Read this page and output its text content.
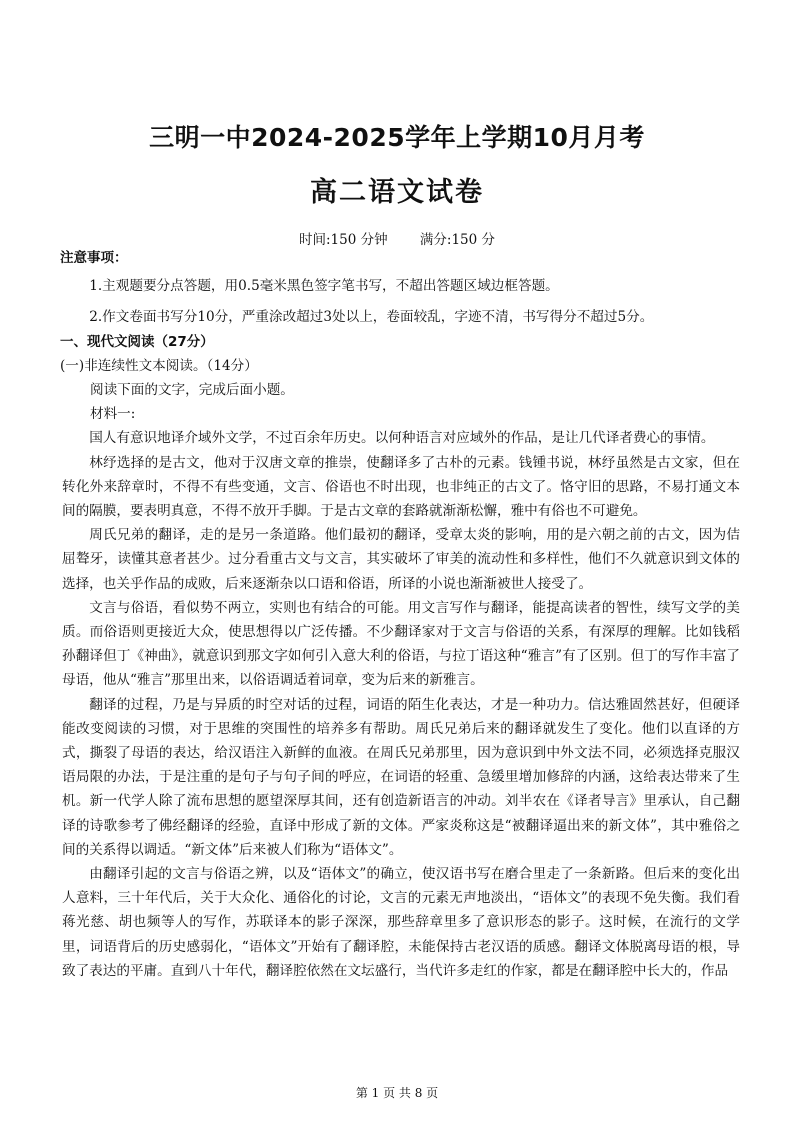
三明一中2024-2025学年上学期10月月考
高二语文试卷
时间:150 分钟 满分:150 分

注意事项：

1.主观题要分点答题，用0.5毫米黑色签字笔书写，不超出答题区域边框答题。

2.作文卷面书写分10分，严重涂改超过3处以上，卷面较乱，字迹不清，书写得分不超过5分。

一、现代文阅读（27分）

(一)非连续性文本阅读。（14分）

阅读下面的文字，完成后面小题。

材料一:

国人有意识地译介域外文学，不过百余年历史。以何种语言对应域外的作品，是让几代译者费心的事情。

林纾选择的是古文，他对于汉唐文章的推崇，使翻译多了古朴的元素。钱锺书说，林纾虽然是古文家，但在转化外来辞章时，不得不有些变通，文言、俗语也不时出现，也非纯正的古文了。恪守旧的思路，不易打通文本间的隔膜，要表明真意，不得不放开手脚。于是古文章的套路就渐渐松懈，雅中有俗也不可避免。

周氏兄弟的翻译，走的是另一条道路。他们最初的翻译，受章太炎的影响，用的是六朝之前的古文，因为佶屈聱牙，读懂其意者甚少。过分看重古文与文言，其实破坏了审美的流动性和多样性，他们不久就意识到文体的选择，也关乎作品的成败，后来逐渐杂以口语和俗语，所译的小说也渐渐被世人接受了。

文言与俗语，看似势不两立，实则也有结合的可能。用文言写作与翻译，能提高读者的智性，续写文学的美质。而俗语则更接近大众，使思想得以广泛传播。不少翻译家对于文言与俗语的关系，有深厚的理解。比如钱稻孙翻译但丁《神曲》，就意识到那文字如何引入意大利的俗语，与拉丁语这种“雅言”有了区别。但丁的写作丰富了母语，他从“雅言”那里出来，以俗语调适着词章，变为后来的新雅言。

翻译的过程，乃是与异质的时空对话的过程，词语的陌生化表达，才是一种功力。信达雅固然甚好，但硬译能改变阅读的习惯，对于思维的突围性的培养多有帮助。周氏兄弟后来的翻译就发生了变化。他们以直译的方式，撕裂了母语的表达，给汉语注入新鲜的血液。在周氏兄弟那里，因为意识到中外文法不同，必须选择克服汉语局限的办法，于是注重的是句子与句子间的呼应，在词语的轻重、急缓里增加修辞的内涵，这给表达带来了生机。新一代学人除了流布思想的愿望深厚其间，还有创造新语言的冲动。刘半农在《译者导言》里承认，自己翻译的诗歌参考了佛经翻译的经验，直译中形成了新的文体。严家炎称这是“被翻译逼出来的新文体”，其中雅俗之间的关系得以调适。“新文体”后来被人们称为“语体文”。

由翻译引起的文言与俗语之辨，以及“语体文”的确立，使汉语书写在磨合里走了一条新路。但后来的变化出人意料，三十年代后，关于大众化、通俗化的讨论，文言的元素无声地淡出，“语体文”的表现不免失衡。我们看蒋光慈、胡也频等人的写作，苏联译本的影子深深，那些辞章里多了意识形态的影子。这时候，在流行的文学里，词语背后的历史感弱化，“语体文”开始有了翻译腔，未能保持古老汉语的质感。翻译文体脱离母语的根，导致了表达的平庸。直到八十年代，翻译腔依然在文坛盛行，当代许多走红的作家，都是在翻译腔中长大的，作品

第 1 页 共 8 页
